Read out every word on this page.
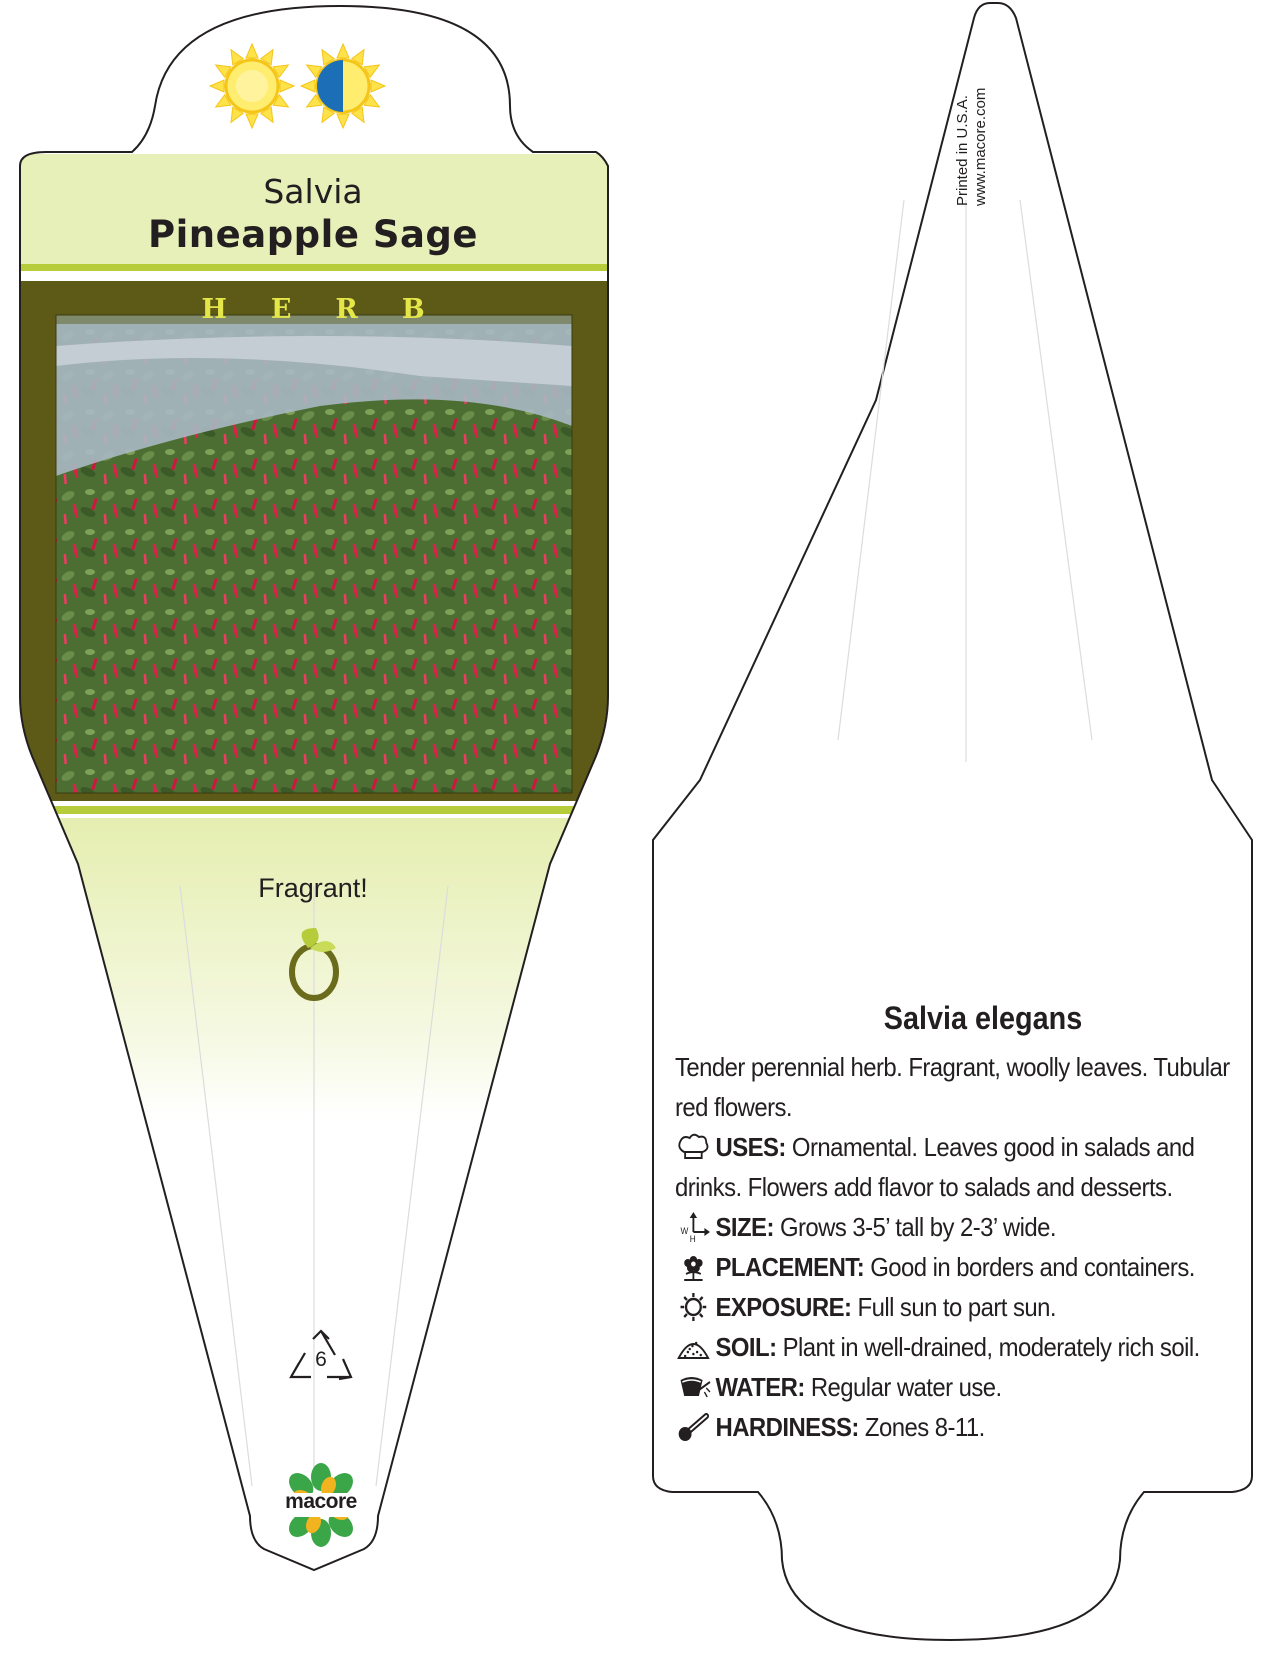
Salvia
Pineapple Sage
HERB
Fragrant!
6
macore
Printed in U.S.A. www.macore.com
Salvia elegans

Tender perennial herb. Fragrant, woolly leaves. Tubular red flowers.

USES: Ornamental. Leaves good in salads and
drinks. Flowers add flavor to salads and desserts.
W
H SIZE: Grows 3-5’ tall by 2-3’ wide.
PLACEMENT: Good in borders and containers.
EXPOSURE: Full sun to part sun.
SOIL: Plant in well-drained, moderately rich soil.
WATER: Regular water use.
HARDINESS: Zones 8-11.
